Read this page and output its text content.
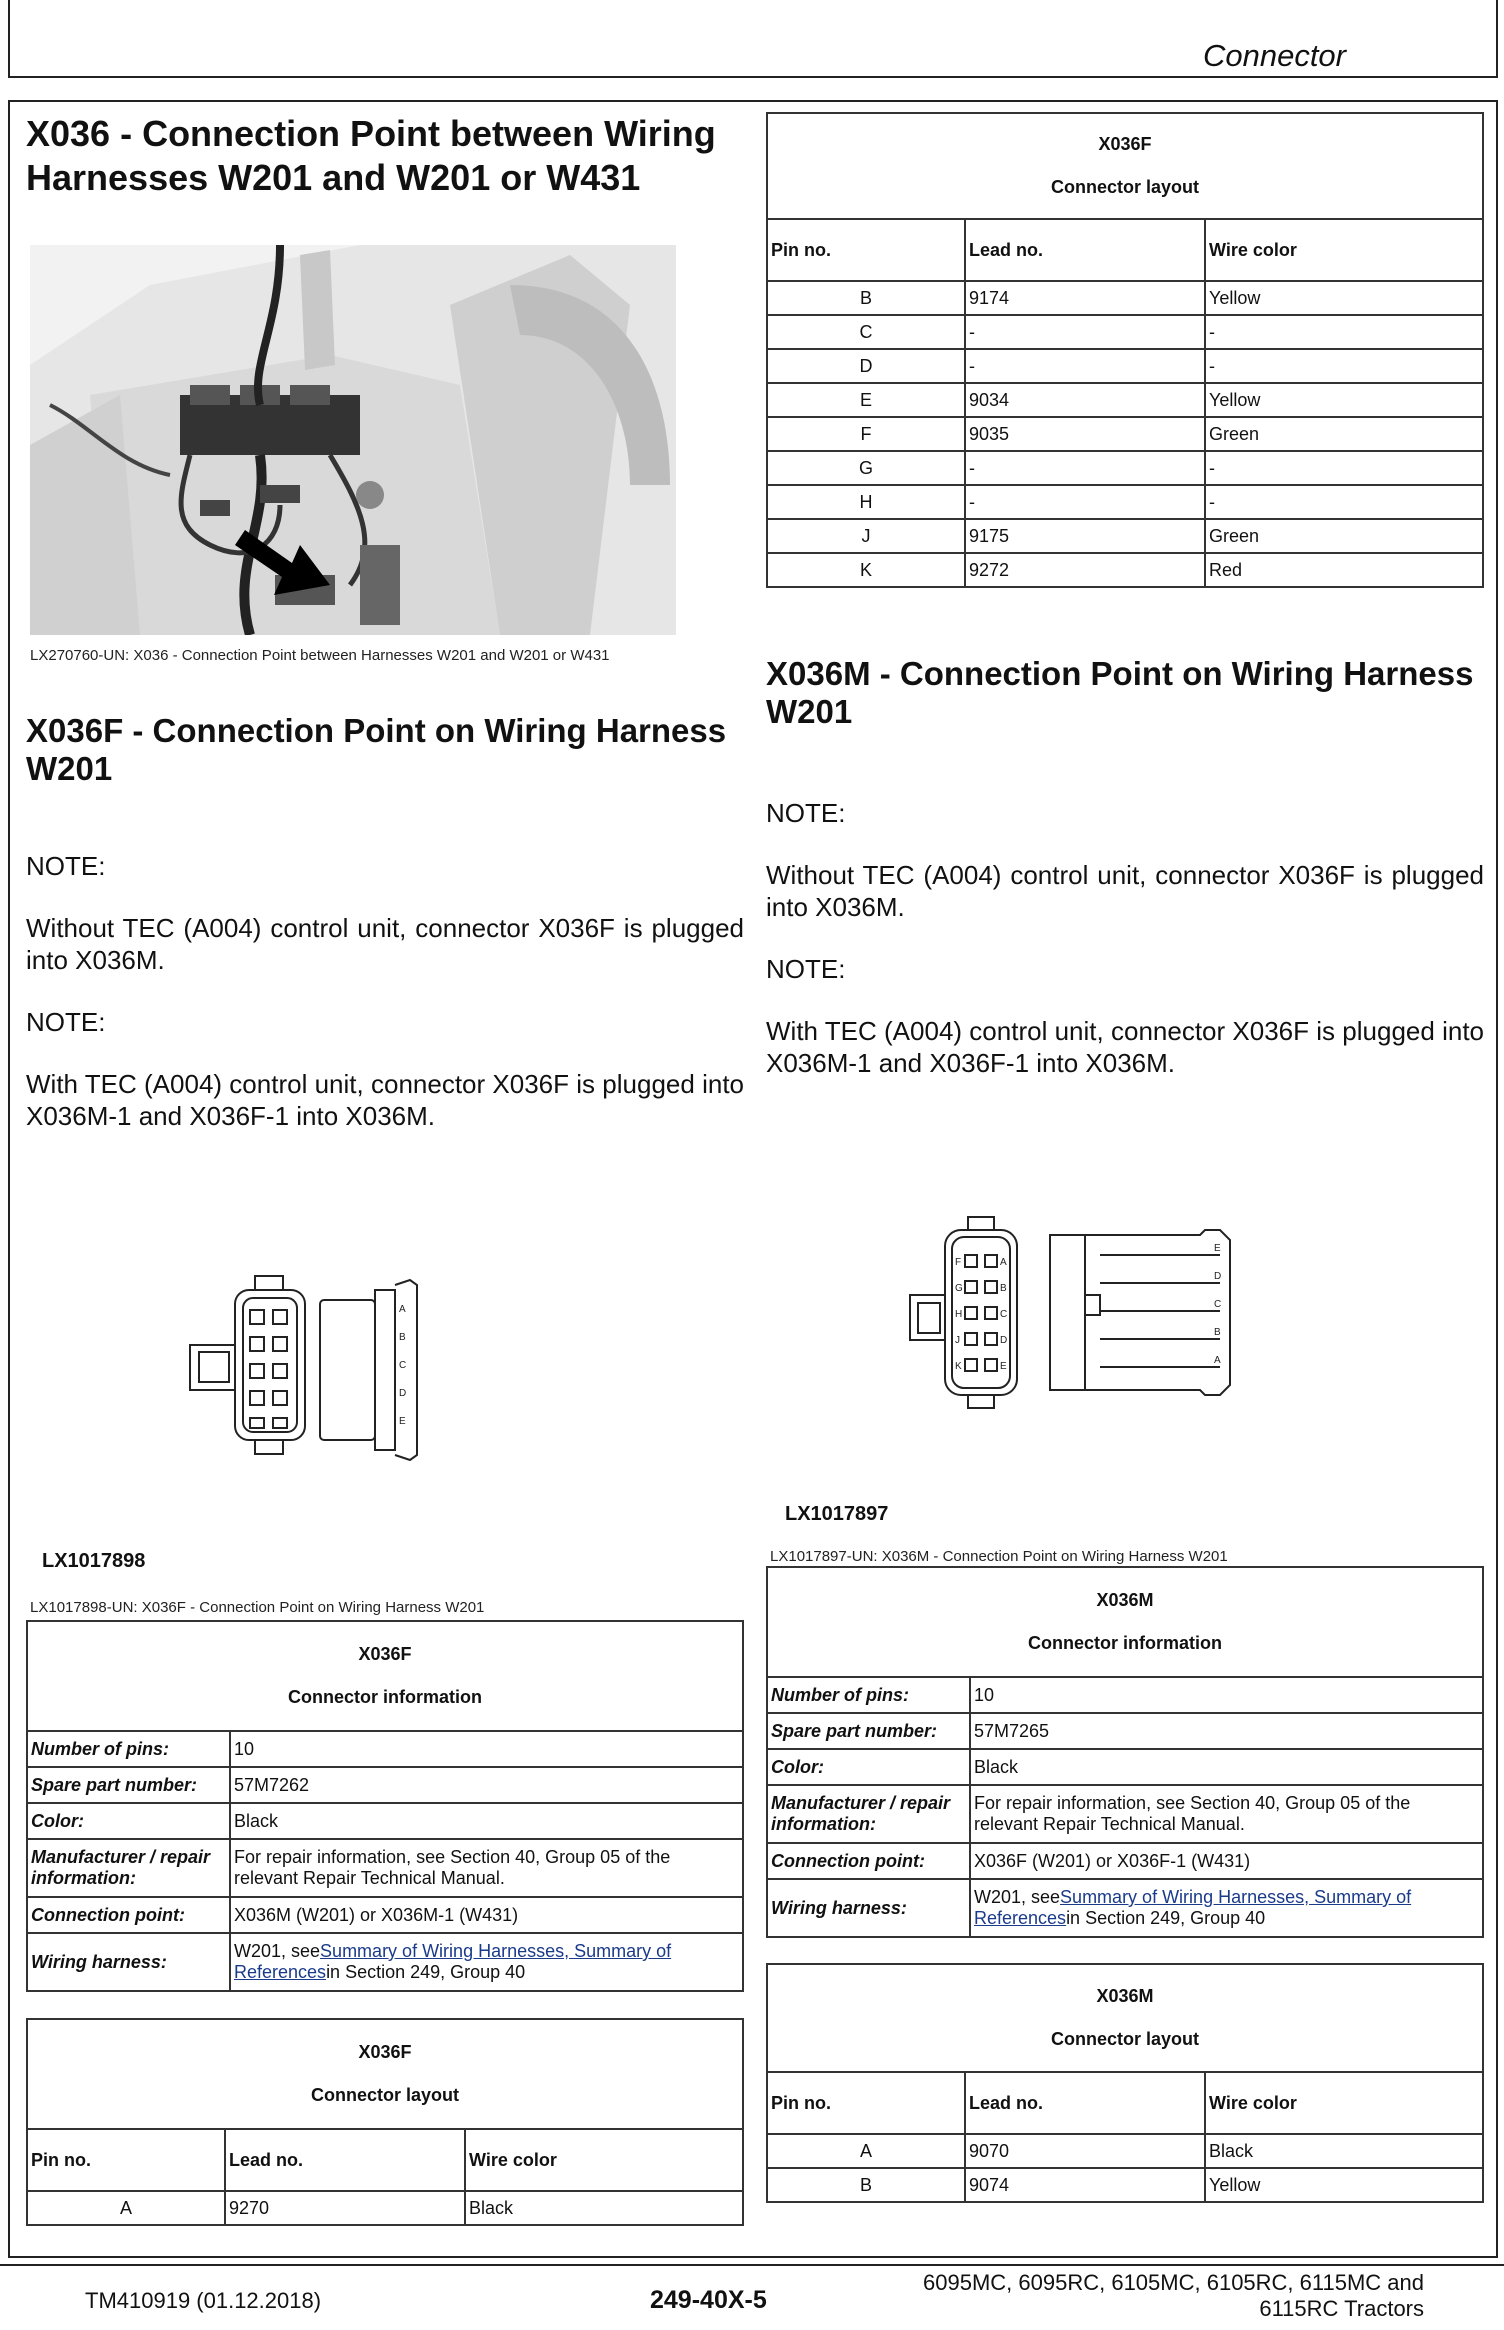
Connector
X036 - Connection Point between Wiring Harnesses W201 and W201 or W431
LX270760-UN: X036 - Connection Point between Harnesses W201 and W201 or W431
X036F - Connection Point on Wiring Harness W201

NOTE:

Without TEC (A004) control unit, connector X036F is plugged into X036M.

NOTE:

With TEC (A004) control unit, connector X036F is plugged into X036M-1 and X036F-1 into X036M.

A
B
C
D
E
LX1017898
LX1017898-UN: X036F - Connection Point on Wiring Harness W201
X036F
Connector information	

Number of pins:	10
Spare part number:	57M7262
Color:	Black
Manufacturer / repair information:	For repair information, see Section 40, Group 05 of the relevant Repair Technical Manual.
Connection point:	X036M (W201) or X036M-1 (W431)
Wiring harness:	W201, seeSummary of Wiring Harnesses, Summary of Referencesin Section 249, Group 40
X036F
Connector layout		

Pin no.	Lead no.	Wire color
A	9270	Black
X036F
Connector layout		

Pin no.	Lead no.	Wire color
B	9174	Yellow
C	-	-
D	-	-
E	9034	Yellow
F	9035	Green
G	-	-
H	-	-
J	9175	Green
K	9272	Red
X036M - Connection Point on Wiring Harness W201

NOTE:

Without TEC (A004) control unit, connector X036F is plugged into X036M.

NOTE:

With TEC (A004) control unit, connector X036F is plugged into X036M-1 and X036F-1 into X036M.

F
G
H
J
K
A
B
C
D
E
E
D
C
B
A
LX1017897
LX1017897-UN: X036M - Connection Point on Wiring Harness W201
X036M
Connector information	

Number of pins:	10
Spare part number:	57M7265
Color:	Black
Manufacturer / repair information:	For repair information, see Section 40, Group 05 of the relevant Repair Technical Manual.
Connection point:	X036F (W201) or X036F-1 (W431)
Wiring harness:	W201, seeSummary of Wiring Harnesses, Summary of Referencesin Section 249, Group 40
X036M
Connector layout		

Pin no.	Lead no.	Wire color
A	9070	Black
B	9074	Yellow
TM410919 (01.12.2018)	249-40X-5
6095MC, 6095RC, 6105MC, 6105RC, 6115MC and
6115RC Tractors
